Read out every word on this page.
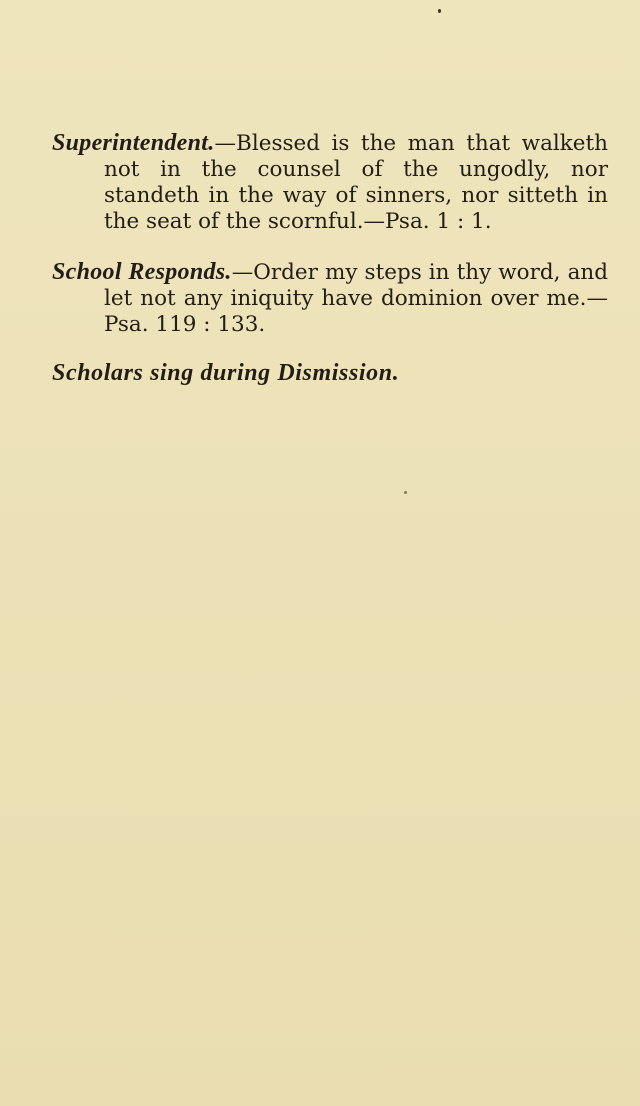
Superintendent.—Blessed is the man that walketh not in the counsel of the ungodly, nor standeth in the way of sinners, nor sitteth in the seat of the scornful.—Psa. 1 : 1.
School Responds.—Order my steps in thy word, and let not any iniquity have dominion over me.—Psa. 119 : 133.
Scholars sing during Dismission.
